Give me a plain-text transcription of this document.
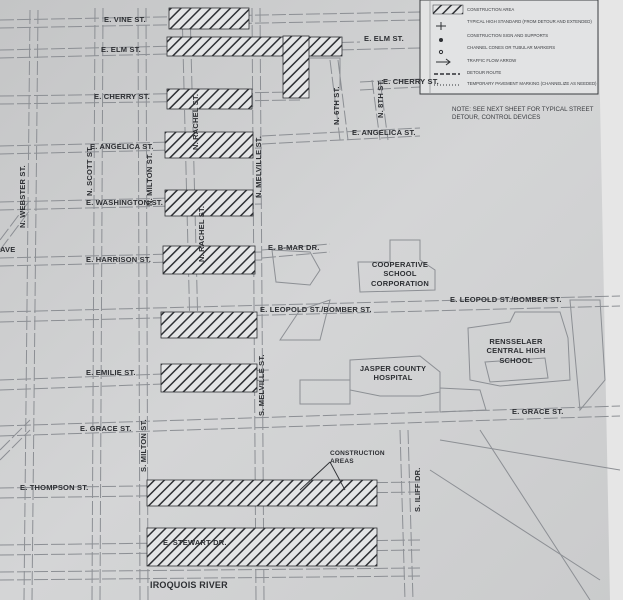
CONSTRUCTION AREA
TYPICAL HIGH STANDARD (FROM DETOUR AND EXTENDED)
CONSTRUCTION SIGN AND SUPPORTS
CHANNEL CONES OR TUBULAR MARKERS
TRAFFIC FLOW ARROW
DETOUR ROUTE
TEMPORARY PAVEMENT MARKING (CHANNELIZE AS NEEDED)
NOTE: SEE NEXT SHEET FOR TYPICAL STREET DETOUR, CONTROL DEVICES
E. VINE ST.
E. ELM ST.
E. ELM ST.
E. CHERRY ST.
E. CHERRY ST.
E. ANGELICA ST.
E. ANGELICA ST.
E. WASHINGTON ST.
E. HARRISON ST.
E. B-MAR DR.
E. LEOPOLD ST./BOMBER ST.
E. LEOPOLD ST./BOMBER ST.
E. EMILIE ST.
E. GRACE ST.
E. GRACE ST.
E. THOMPSON ST.
E. STEWART DR.
N. WEBSTER ST.	N. SCOTT ST.	N. MILTON ST.
N. RACHEL ST.
N. RACHEL ST.
N. MELVILLE ST.
S. MILTON ST.
S. MELVILLE ST.
N. 6TH ST.	N. 8TH ST.
S. ILIFF DR.
AVE
COOPERATIVE SCHOOL CORPORATION
RENSSELAER CENTRAL HIGH SCHOOL
JASPER COUNTY HOSPITAL
CONSTRUCTION AREAS
IROQUOIS RIVER
